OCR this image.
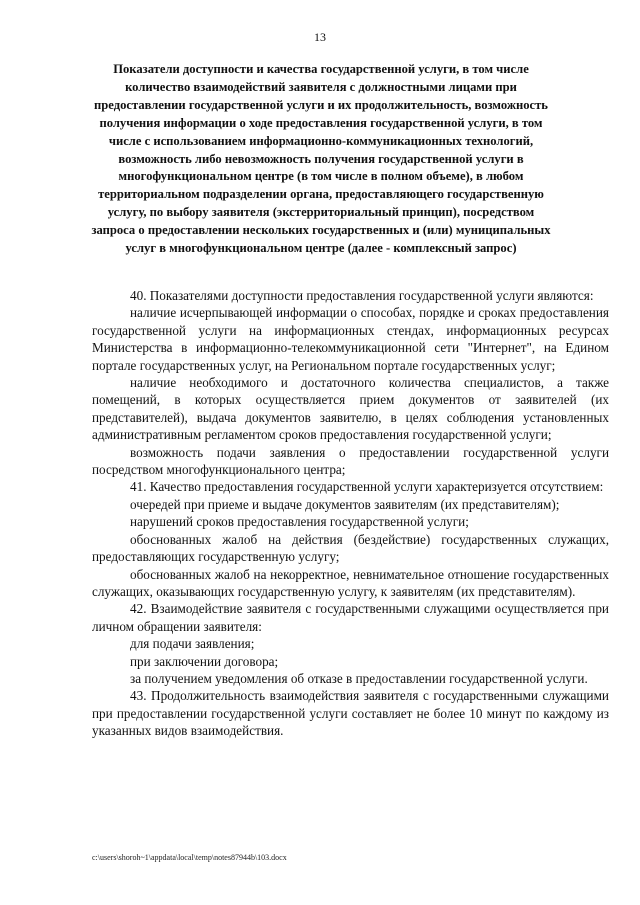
13
Показатели доступности и качества государственной услуги, в том числе количество взаимодействий заявителя с должностными лицами при предоставлении государственной услуги и их продолжительность, возможность получения информации о ходе предоставления государственной услуги, в том числе с использованием информационно-коммуникационных технологий, возможность либо невозможность получения государственной услуги в многофункциональном центре (в том числе в полном объеме), в любом территориальном подразделении органа, предоставляющего государственную услугу, по выбору заявителя (экстерриториальный принцип), посредством запроса о предоставлении нескольких государственных и (или) муниципальных услуг в многофункциональном центре (далее - комплексный запрос)

40. Показателями доступности предоставления государственной услуги являются:

наличие исчерпывающей информации о способах, порядке и сроках предоставления государственной услуги на информационных стендах, информационных ресурсах Министерства в информационно-телекоммуникационной сети "Интернет", на Едином портале государственных услуг, на Региональном портале государственных услуг;

наличие необходимого и достаточного количества специалистов, а также помещений, в которых осуществляется прием документов от заявителей (их представителей), выдача документов заявителю, в целях соблюдения установленных административным регламентом сроков предоставления государственной услуги;

возможность подачи заявления о предоставлении государственной услуги посредством многофункционального центра;

41. Качество предоставления государственной услуги характеризуется отсутствием:

очередей при приеме и выдаче документов заявителям (их представителям);

нарушений сроков предоставления государственной услуги;

обоснованных жалоб на действия (бездействие) государственных служащих, предоставляющих государственную услугу;

обоснованных жалоб на некорректное, невнимательное отношение государственных служащих, оказывающих государственную услугу, к заявителям (их представителям).

42. Взаимодействие заявителя с государственными служащими осуществляется при личном обращении заявителя:

для подачи заявления;

при заключении договора;

за получением уведомления об отказе в предоставлении государственной услуги.

43. Продолжительность взаимодействия заявителя с государственными служащими при предоставлении государственной услуги составляет не более 10 минут по каждому из указанных видов взаимодействия.

c:\users\shoroh~1\appdata\local\temp\notes87944b\103.docx
